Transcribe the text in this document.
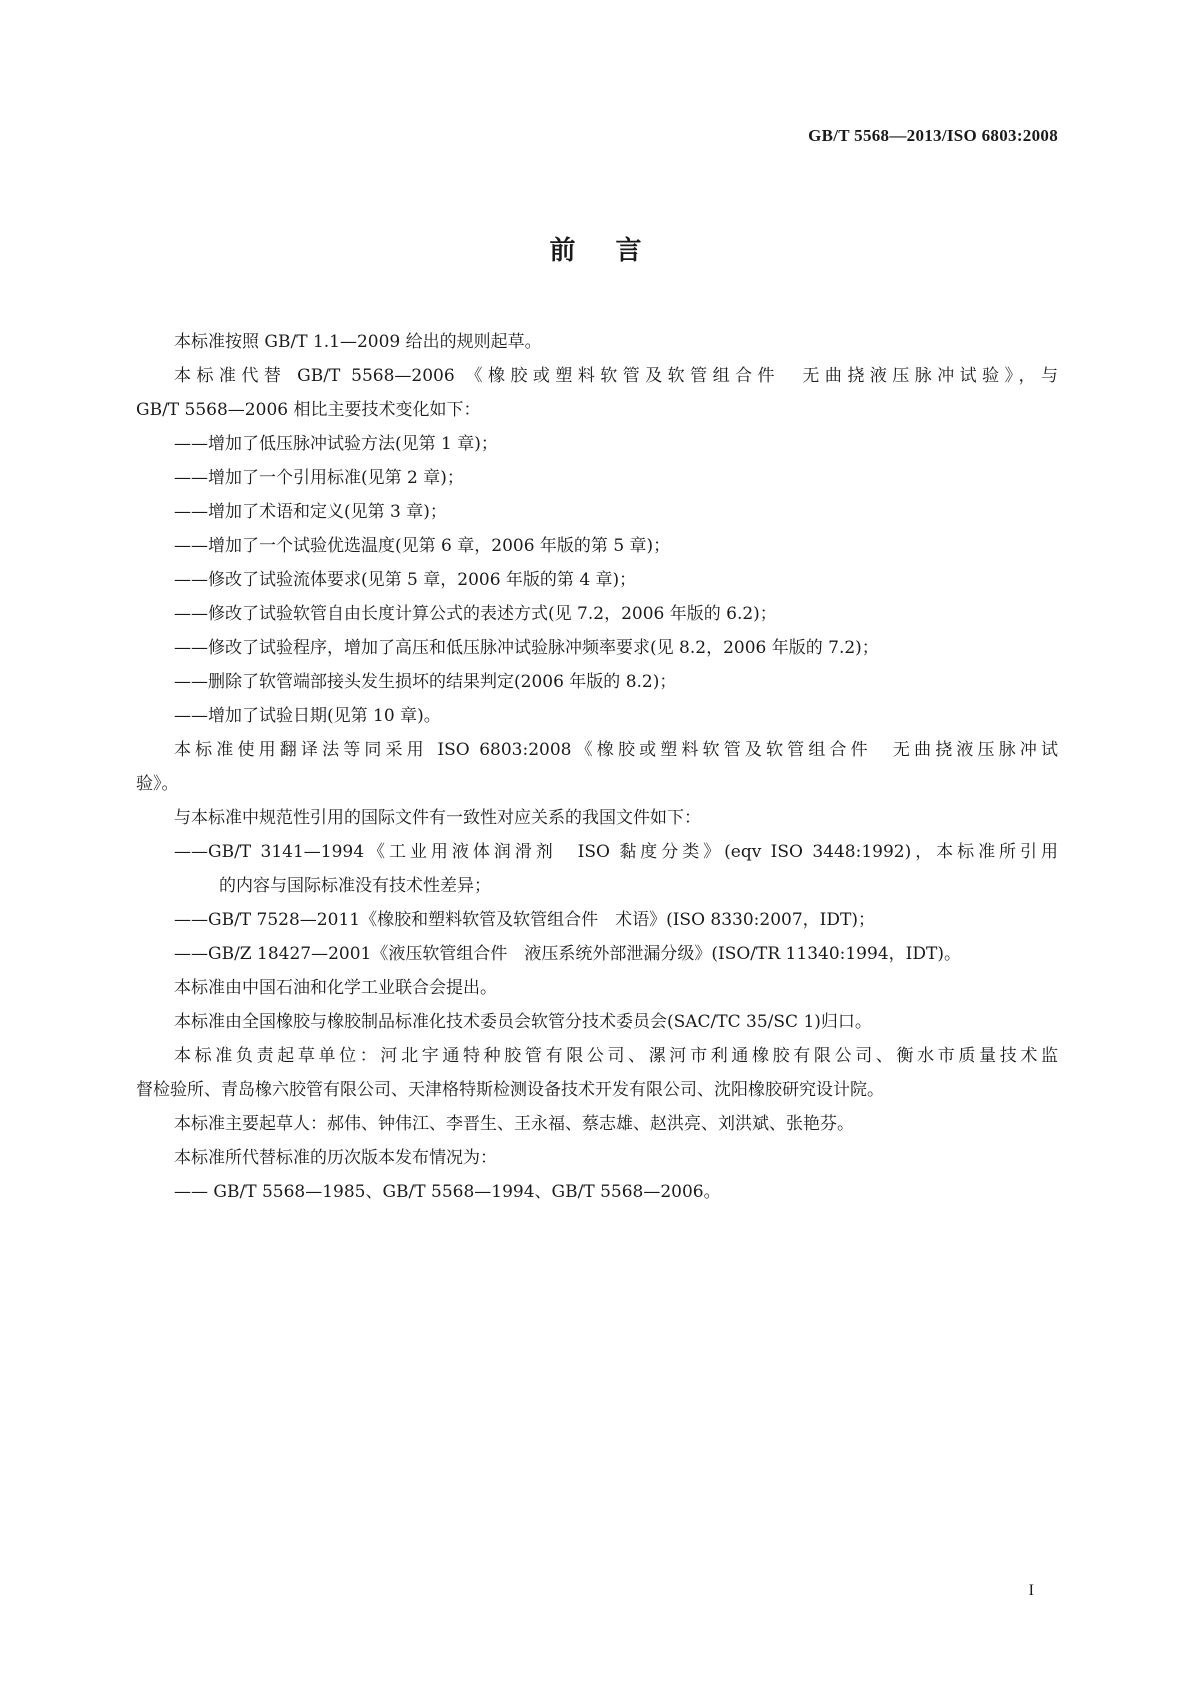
GB/T 5568—2013/ISO 6803:2008
前言
本标准按照 GB/T 1.1—2009 给出的规则起草。
本标准代替 GB/T 5568—2006 《橡胶或塑料软管及软管组合件　无曲挠液压脉冲试验》，与
GB/T 5568—2006 相比主要技术变化如下：
——增加了低压脉冲试验方法(见第 1 章)；
——增加了一个引用标准(见第 2 章)；
——增加了术语和定义(见第 3 章)；
——增加了一个试验优选温度(见第 6 章，2006 年版的第 5 章)；
——修改了试验流体要求(见第 5 章，2006 年版的第 4 章)；
——修改了试验软管自由长度计算公式的表述方式(见 7.2，2006 年版的 6.2)；
——修改了试验程序，增加了高压和低压脉冲试验脉冲频率要求(见 8.2，2006 年版的 7.2)；
——删除了软管端部接头发生损坏的结果判定(2006 年版的 8.2)；
——增加了试验日期(见第 10 章)。
本标准使用翻译法等同采用 ISO 6803:2008《橡胶或塑料软管及软管组合件　无曲挠液压脉冲试
验》。
与本标准中规范性引用的国际文件有一致性对应关系的我国文件如下：
——GB/T 3141—1994《工业用液体润滑剂　ISO 黏度分类》(eqv ISO 3448:1992)，本标准所引用
的内容与国际标准没有技术性差异；
——GB/T 7528—2011《橡胶和塑料软管及软管组合件　术语》(ISO 8330:2007，IDT)；
——GB/Z 18427—2001《液压软管组合件　液压系统外部泄漏分级》(ISO/TR 11340:1994，IDT)。
本标准由中国石油和化学工业联合会提出。
本标准由全国橡胶与橡胶制品标准化技术委员会软管分技术委员会(SAC/TC 35/SC 1)归口。
本标准负责起草单位：河北宇通特种胶管有限公司、漯河市利通橡胶有限公司、衡水市质量技术监
督检验所、青岛橡六胶管有限公司、天津格特斯检测设备技术开发有限公司、沈阳橡胶研究设计院。
本标准主要起草人：郝伟、钟伟江、李晋生、王永福、蔡志雄、赵洪亮、刘洪斌、张艳芬。
本标准所代替标准的历次版本发布情况为：
—— GB/T 5568—1985、GB/T 5568—1994、GB/T 5568—2006。
I
